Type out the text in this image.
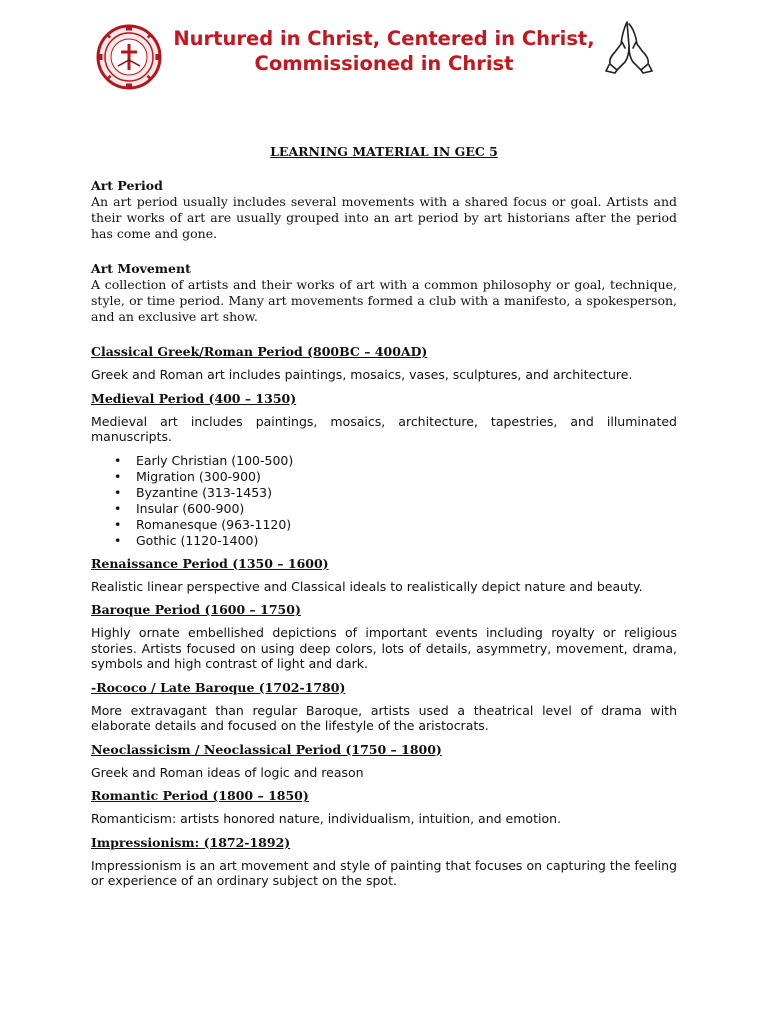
Nurtured in Christ, Centered in Christ,
Commissioned in Christ

LEARNING MATERIAL IN GEC 5

Art Period

An art period usually includes several movements with a shared focus or goal. Artists and their works of art are usually grouped into an art period by art historians after the period has come and gone.

Art Movement

A collection of artists and their works of art with a common philosophy or goal, technique, style, or time period. Many art movements formed a club with a manifesto, a spokesperson, and an exclusive art show.

Classical Greek/Roman Period (800BC – 400AD)

Greek and Roman art includes paintings, mosaics, vases, sculptures, and architecture.

Medieval Period (400 – 1350)

Medieval art includes paintings, mosaics, architecture, tapestries, and illuminated manuscripts.

• Early Christian (100-500)
• Migration (300-900)
• Byzantine (313-1453)
• Insular (600-900)
• Romanesque (963-1120)
• Gothic (1120-1400)

Renaissance Period (1350 – 1600)

Realistic linear perspective and Classical ideals to realistically depict nature and beauty.

Baroque Period (1600 – 1750)

Highly ornate embellished depictions of important events including royalty or religious stories. Artists focused on using deep colors, lots of details, asymmetry, movement, drama, symbols and high contrast of light and dark.

-Rococo / Late Baroque (1702-1780)

More extravagant than regular Baroque, artists used a theatrical level of drama with elaborate details and focused on the lifestyle of the aristocrats.

Neoclassicism / Neoclassical Period (1750 – 1800)

Greek and Roman ideas of logic and reason

Romantic Period (1800 – 1850)

Romanticism: artists honored nature, individualism, intuition, and emotion.

Impressionism: (1872-1892)

Impressionism is an art movement and style of painting that focuses on capturing the feeling or experience of an ordinary subject on the spot.
